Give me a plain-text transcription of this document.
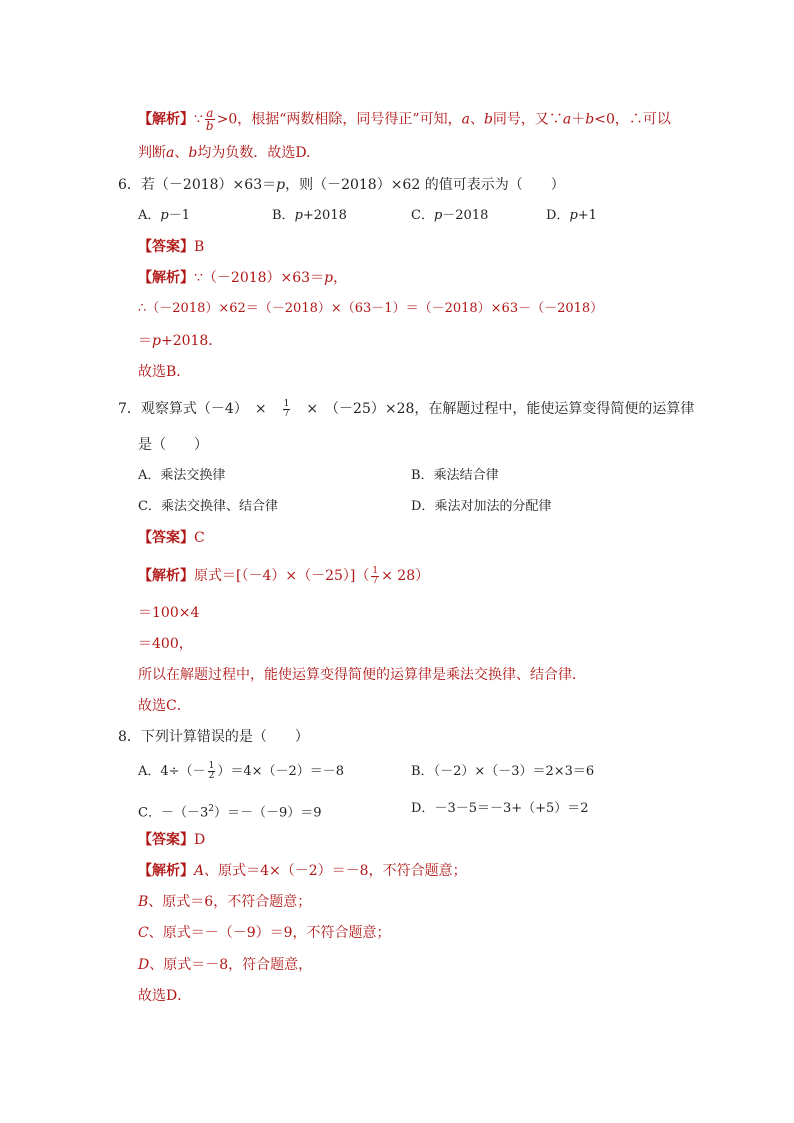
【解析】∵ $\frac{a}{b} >0$，根据“两数相除，同号得正”可知，a、b同号，又∵a＋b<0，∴可以
判断a、b均为负数．故选D.
6．若（－2018）×63＝p，则（－2018）×62 的值可表示为（　　）
A．p－1	B．p+2018	C．p－2018	D．p+1
【答案】B
【解析】∵（－2018）×63＝p，
∴（－2018）×62＝（－2018）×（63－1）＝（－2018）×63－（－2018）
＝p+2018．
故选B．
7．观察算式（－4）　 ×　 $\frac{1}{7}$
　 ×　 （－25）×28，在解题过程中，能使运算变得简便的运算律
是（　　）
A．乘法交换律	B．乘法结合律
C．乘法交换律、结合律	D．乘法对加法的分配律
【答案】C
【解析】原式$=[(-4)\times(-25)]( \frac{1}{7} \times 28)$
＝100×4
＝400，
所以在解题过程中，能使运算变得简便的运算律是乘法交换律、结合律．
故选C．
8．下列计算错误的是（　　）
A．$4\div(- \frac{1}{2} )=4\times(-2)=-8$	B．（－2）×（－3）＝2×3＝6
C．$-(-3^2)=-(-9)=9$	D．－3－5＝－3+（+5）＝2
【答案】D
【解析】A、原式＝4×（－2）＝－8，不符合题意；
B、原式＝6，不符合题意；
C、原式＝－（－9）＝9，不符合题意；
D、原式＝－8，符合题意，
故选D．
